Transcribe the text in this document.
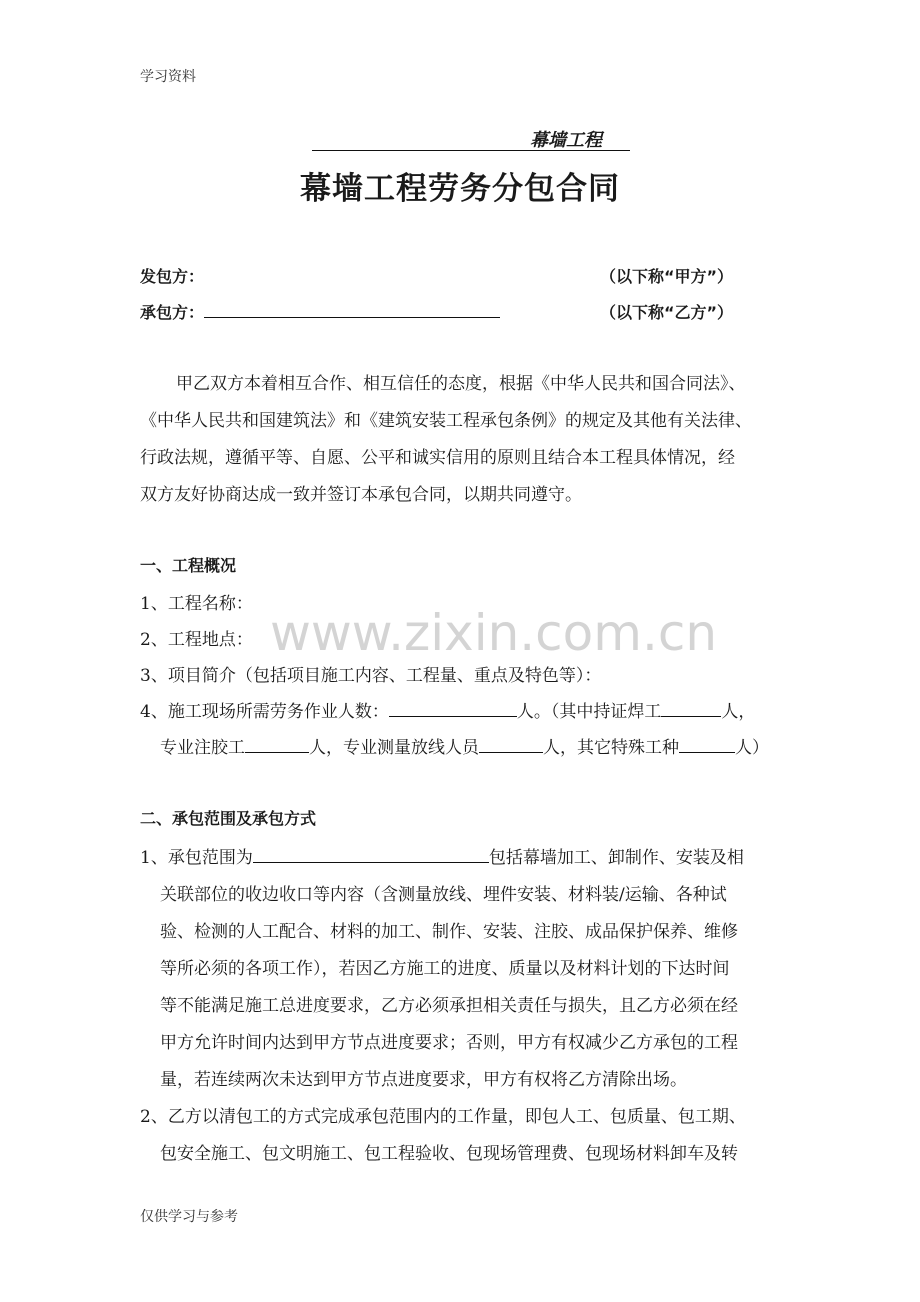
学习资料
幕墙工程
幕墙工程劳务分包合同
发包方：	（以下称“甲方”）
承包方：	（以下称“乙方”）
甲乙双方本着相互合作、相互信任的态度，根据《中华人民共和国合同法》、
《中华人民共和国建筑法》和《建筑安装工程承包条例》的规定及其他有关法律、
行政法规，遵循平等、自愿、公平和诚实信用的原则且结合本工程具体情况，经
双方友好协商达成一致并签订本承包合同，以期共同遵守。
www.zixin.com.cn
一、工程概况
1、工程名称：
2、工程地点：
3、项目简介（包括项目施工内容、工程量、重点及特色等）：
4、施工现场所需劳务作业人数：	人。（其中持证焊工	人，
专业注胶工	人，专业测量放线人员	人，其它特殊工种	人）
二、承包范围及承包方式
1、承包范围为	包括幕墙加工、卸制作、安装及相
关联部位的收边收口等内容（含测量放线、埋件安装、材料装/运输、各种试
验、检测的人工配合、材料的加工、制作、安装、注胶、成品保护保养、维修
等所必须的各项工作），若因乙方施工的进度、质量以及材料计划的下达时间
等不能满足施工总进度要求，乙方必须承担相关责任与损失，且乙方必须在经
甲方允许时间内达到甲方节点进度要求；否则，甲方有权减少乙方承包的工程
量，若连续两次未达到甲方节点进度要求，甲方有权将乙方清除出场。
2、乙方以清包工的方式完成承包范围内的工作量，即包人工、包质量、包工期、
包安全施工、包文明施工、包工程验收、包现场管理费、包现场材料卸车及转
仅供学习与参考
